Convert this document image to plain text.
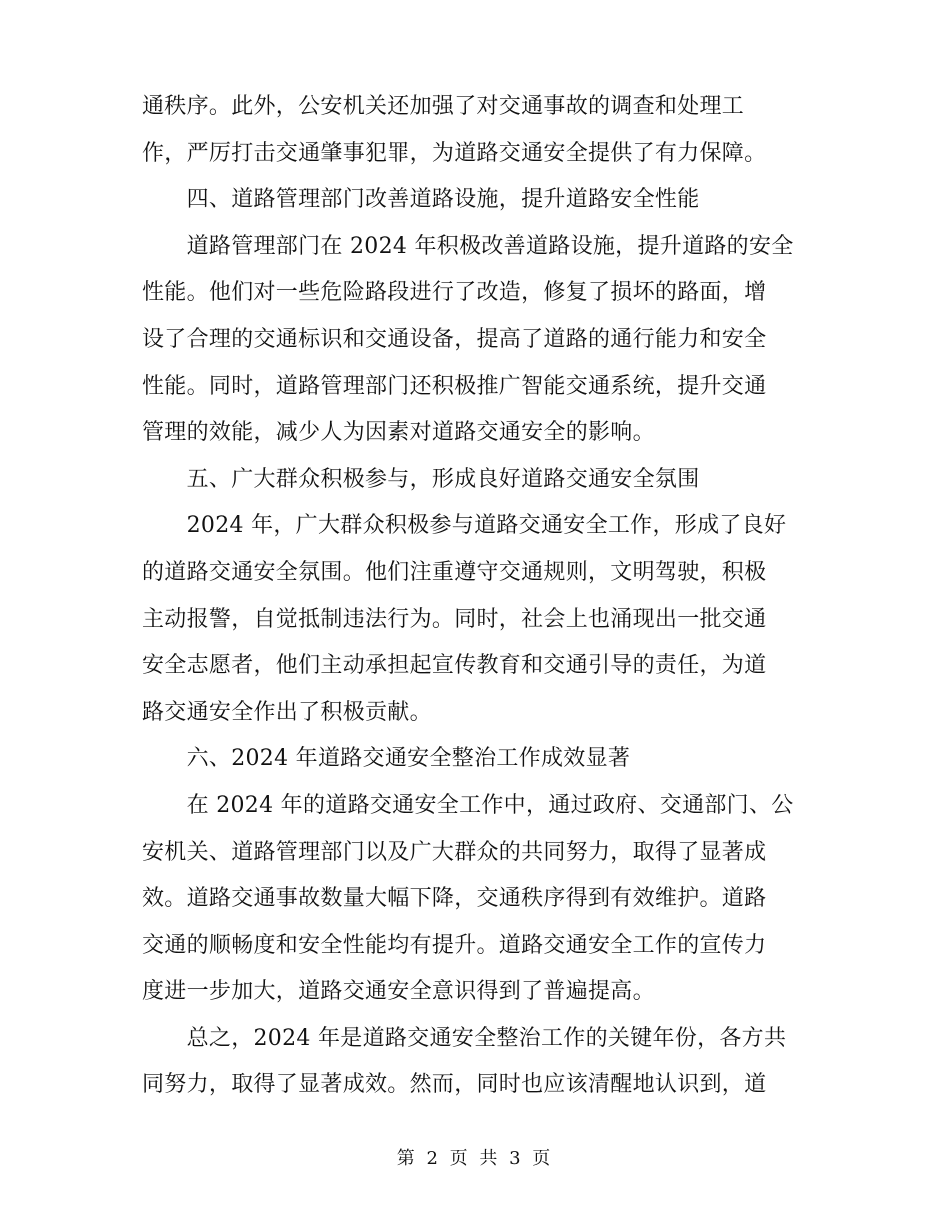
通秩序。此外，公安机关还加强了对交通事故的调查和处理工
作，严厉打击交通肇事犯罪，为道路交通安全提供了有力保障。
　　四、道路管理部门改善道路设施，提升道路安全性能
　　道路管理部门在 2024 年积极改善道路设施，提升道路的安全
性能。他们对一些危险路段进行了改造，修复了损坏的路面，增
设了合理的交通标识和交通设备，提高了道路的通行能力和安全
性能。同时，道路管理部门还积极推广智能交通系统，提升交通
管理的效能，减少人为因素对道路交通安全的影响。
　　五、广大群众积极参与，形成良好道路交通安全氛围
　　2024 年，广大群众积极参与道路交通安全工作，形成了良好
的道路交通安全氛围。他们注重遵守交通规则，文明驾驶，积极
主动报警，自觉抵制违法行为。同时，社会上也涌现出一批交通
安全志愿者，他们主动承担起宣传教育和交通引导的责任，为道
路交通安全作出了积极贡献。
　　六、2024 年道路交通安全整治工作成效显著
　　在 2024 年的道路交通安全工作中，通过政府、交通部门、公
安机关、道路管理部门以及广大群众的共同努力，取得了显著成
效。道路交通事故数量大幅下降，交通秩序得到有效维护。道路
交通的顺畅度和安全性能均有提升。道路交通安全工作的宣传力
度进一步加大，道路交通安全意识得到了普遍提高。
　　总之，2024 年是道路交通安全整治工作的关键年份，各方共
同努力，取得了显著成效。然而，同时也应该清醒地认识到，道
第 2 页 共 3 页
